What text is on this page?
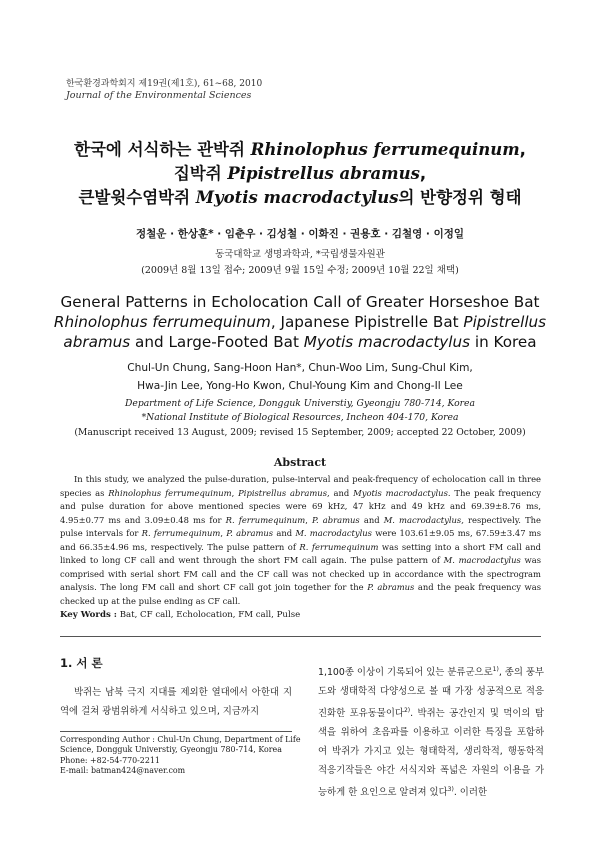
한국환경과학회지 제19권(제1호), 61~68, 2010
Journal of the Environmental Sciences
한국에 서식하는 관박쥐 Rhinolophus ferrumequinum,
집박쥐 Pipistrellus abramus,
큰발윗수염박쥐 Myotis macrodactylus의 반향정위 형태
정철운 · 한상훈* · 임춘우 · 김성철 · 이화진 · 권용호 · 김철영 · 이정일
동국대학교 생명과학과, *국립생물자원관
(2009년 8월 13일 접수; 2009년 9월 15일 수정; 2009년 10월 22일 채택)
General Patterns in Echolocation Call of Greater Horseshoe Bat
Rhinolophus ferrumequinum, Japanese Pipistrelle Bat Pipistrellus
abramus and Large-Footed Bat Myotis macrodactylus in Korea
Chul-Un Chung, Sang-Hoon Han*, Chun-Woo Lim, Sung-Chul Kim,
Hwa-Jin Lee, Yong-Ho Kwon, Chul-Young Kim and Chong-Il Lee
Department of Life Science, Dongguk Universtiy, Gyeongju 780-714, Korea
*National Institute of Biological Resources, Incheon 404-170, Korea
(Manuscript received 13 August, 2009; revised 15 September, 2009; accepted 22 October, 2009)
Abstract

In this study, we analyzed the pulse-duration, pulse-interval and peak-frequency of echolocation call in three species as Rhinolophus ferrumequinum, Pipistrellus abramus, and Myotis macrodactylus. The peak frequency and pulse duration for above mentioned species were 69 kHz, 47 kHz and 49 kHz and 69.39±8.76 ms, 4.95±0.77 ms and 3.09±0.48 ms for R. ferrumequinum, P. abramus and M. macrodactylus, respectively. The pulse intervals for R. ferrumequinum, P. abramus and M. macrodactylus were 103.61±9.05 ms, 67.59±3.47 ms and 66.35±4.96 ms, respectively. The pulse pattern of R. ferrumequinum was setting into a short FM call and linked to long CF call and went through the short FM call again. The pulse pattern of M. macrodactylus was comprised with serial short FM call and the CF call was not checked up in accordance with the spectrogram analysis. The long FM call and short CF call got join together for the P. abramus and the peak frequency was checked up at the pulse ending as CF call.

Key Words : Bat, CF call, Echolocation, FM call, Pulse
1. 서 론
박쥐는 남북 극지 지대를 제외한 열대에서 아한대 지역에 걸쳐 광범위하게 서식하고 있으며, 지금까지
1,100종 이상이 기록되어 있는 분류군으로$^{1)}$, 종의 풍부도와 생태학적 다양성으로 볼 때 가장 성공적으로 적응진화한 포유동물이다$^{2)}$. 박쥐는 공간인지 및 먹이의 탐색을 위하여 초음파를 이용하고 이러한 특징을 포함하여 박쥐가 가지고 있는 형태학적, 생리학적, 행동학적 적응기작들은 야간 서식지와 폭넓은 자원의 이용을 가능하게 한 요인으로 알려져 있다$^{3)}$. 이러한
Corresponding Author : Chul-Un Chung, Department of Life
Science, Dongguk Universtiy, Gyeongju 780-714, Korea
Phone: +82-54-770-2211
E-mail: batman424@naver.com
